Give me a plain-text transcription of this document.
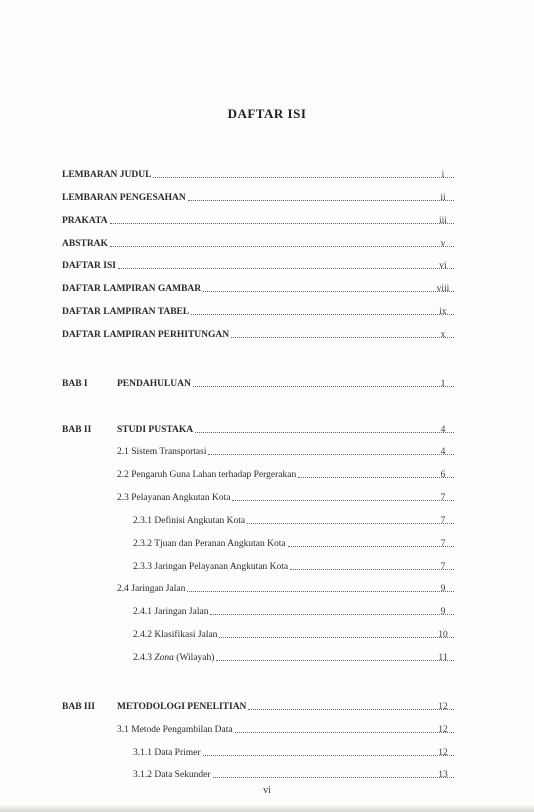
DAFTAR ISI
LEMBARAN JUDUL	i
LEMBARAN PENGESAHAN	ii
PRAKATA	iii
ABSTRAK	v
DAFTAR ISI	vi
DAFTAR LAMPIRAN GAMBAR	viii
DAFTAR LAMPIRAN TABEL	ix
DAFTAR LAMPIRAN PERHITUNGAN	x
BAB I	PENDAHULUAN	1
BAB II	STUDI PUSTAKA	4
2.1 Sistem Transportasi	4
2.2 Pengaruh Guna Lahan terhadap Pergerakan	6
2.3 Pelayanan Angkutan Kota	7
2.3.1 Definisi Angkutan Kota	7
2.3.2 Tjuan dan Peranan Angkutan Kota	7
2.3.3 Jaringan Pelayanan Angkutan Kota	7
2.4 Jaringan Jalan	9
2.4.1 Jaringan Jalan	9
2.4.2 Klasifikasi Jalan	10
2.4.3 Zona (Wilayah)	11
BAB III	METODOLOGI PENELITIAN	12
3.1 Metode Pengambilan Data	12
3.1.1 Data Primer	12
3.1.2 Data Sekunder	13
vi
